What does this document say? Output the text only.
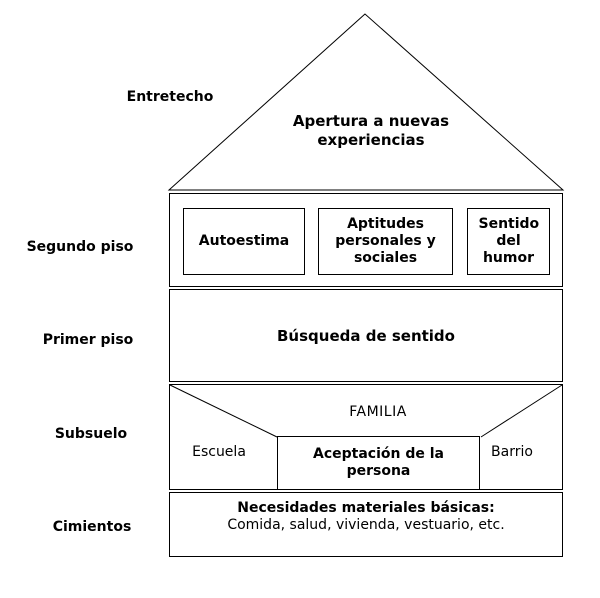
Entretecho
Segundo piso
Primer piso
Subsuelo
Cimientos
Apertura a nuevas experiencias
Autoestima
Aptitudes personales y sociales
Sentido del humor
Búsqueda de sentido
FAMILIA
Escuela	Aceptación de la persona
Barrio
Necesidades materiales básicas:
Comida, salud, vivienda, vestuario, etc.
